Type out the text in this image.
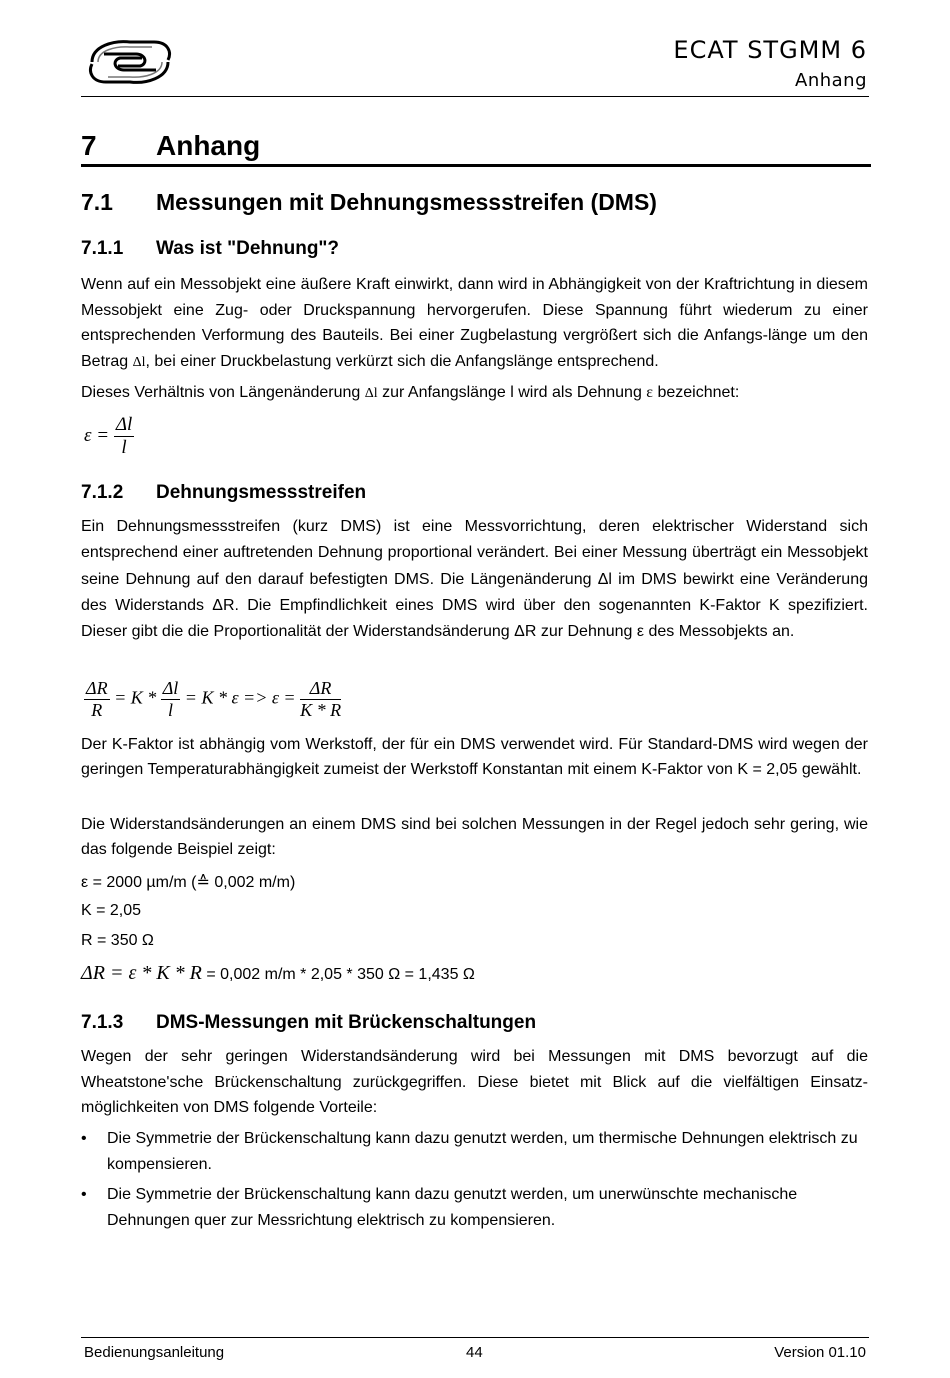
ECAT STGMM 6
Anhang
7 Anhang
7.1 Messungen mit Dehnungsmessstreifen (DMS)
7.1.1 Was ist "Dehnung"?
Wenn auf ein Messobjekt eine äußere Kraft einwirkt, dann wird in Abhängigkeit von der Kraftrichtung in diesem Messobjekt eine Zug- oder Druckspannung hervorgerufen. Diese Spannung führt wiederum zu einer entsprechenden Verformung des Bauteils. Bei einer Zugbelastung vergrößert sich die Anfangs-länge um den Betrag Δl, bei einer Druckbelastung verkürzt sich die Anfangslänge entsprechend.
Dieses Verhältnis von Längenänderung Δl zur Anfangslänge l wird als Dehnung ε bezeichnet:
$\varepsilon = \frac{\Delta l}{l}$
7.1.2 Dehnungsmessstreifen
Ein Dehnungsmessstreifen (kurz DMS) ist eine Messvorrichtung, deren elektrischer Widerstand sich entsprechend einer auftretenden Dehnung proportional verändert. Bei einer Messung überträgt ein Messobjekt seine Dehnung auf den darauf befestigten DMS. Die Längenänderung Δl im DMS bewirkt eine Veränderung des Widerstands ΔR. Die Empfindlichkeit eines DMS wird über den sogenannten K-Faktor K spezifiziert. Dieser gibt die die Proportionalität der Widerstandsänderung ΔR zur Dehnung ε des Messobjekts an.
$\frac{\Delta R}{R} = K * \frac{\Delta l}{l} = K * \varepsilon => \varepsilon = \frac{\Delta R}{K * R}$
Der K-Faktor ist abhängig vom Werkstoff, der für ein DMS verwendet wird. Für Standard-DMS wird wegen der geringen Temperaturabhängigkeit zumeist der Werkstoff Konstantan mit einem K-Faktor von K = 2,05 gewählt.
Die Widerstandsänderungen an einem DMS sind bei solchen Messungen in der Regel jedoch sehr gering, wie das folgende Beispiel zeigt:
ε = 2000 µm/m (≙ 0,002 m/m)
K = 2,05
R = 350 Ω
ΔR = ε * K * R = 0,002 m/m * 2,05 * 350 Ω = 1,435 Ω
7.1.3 DMS-Messungen mit Brückenschaltungen
Wegen der sehr geringen Widerstandsänderung wird bei Messungen mit DMS bevorzugt auf die Wheatstone'sche Brückenschaltung zurückgegriffen. Diese bietet mit Blick auf die vielfältigen Einsatz-möglichkeiten von DMS folgende Vorteile:
• Die Symmetrie der Brückenschaltung kann dazu genutzt werden, um thermische Dehnungen elektrisch zu kompensieren.
• Die Symmetrie der Brückenschaltung kann dazu genutzt werden, um unerwünschte mechanische Dehnungen quer zur Messrichtung elektrisch zu kompensieren.
Bedienungsanleitung	44	Version 01.10
